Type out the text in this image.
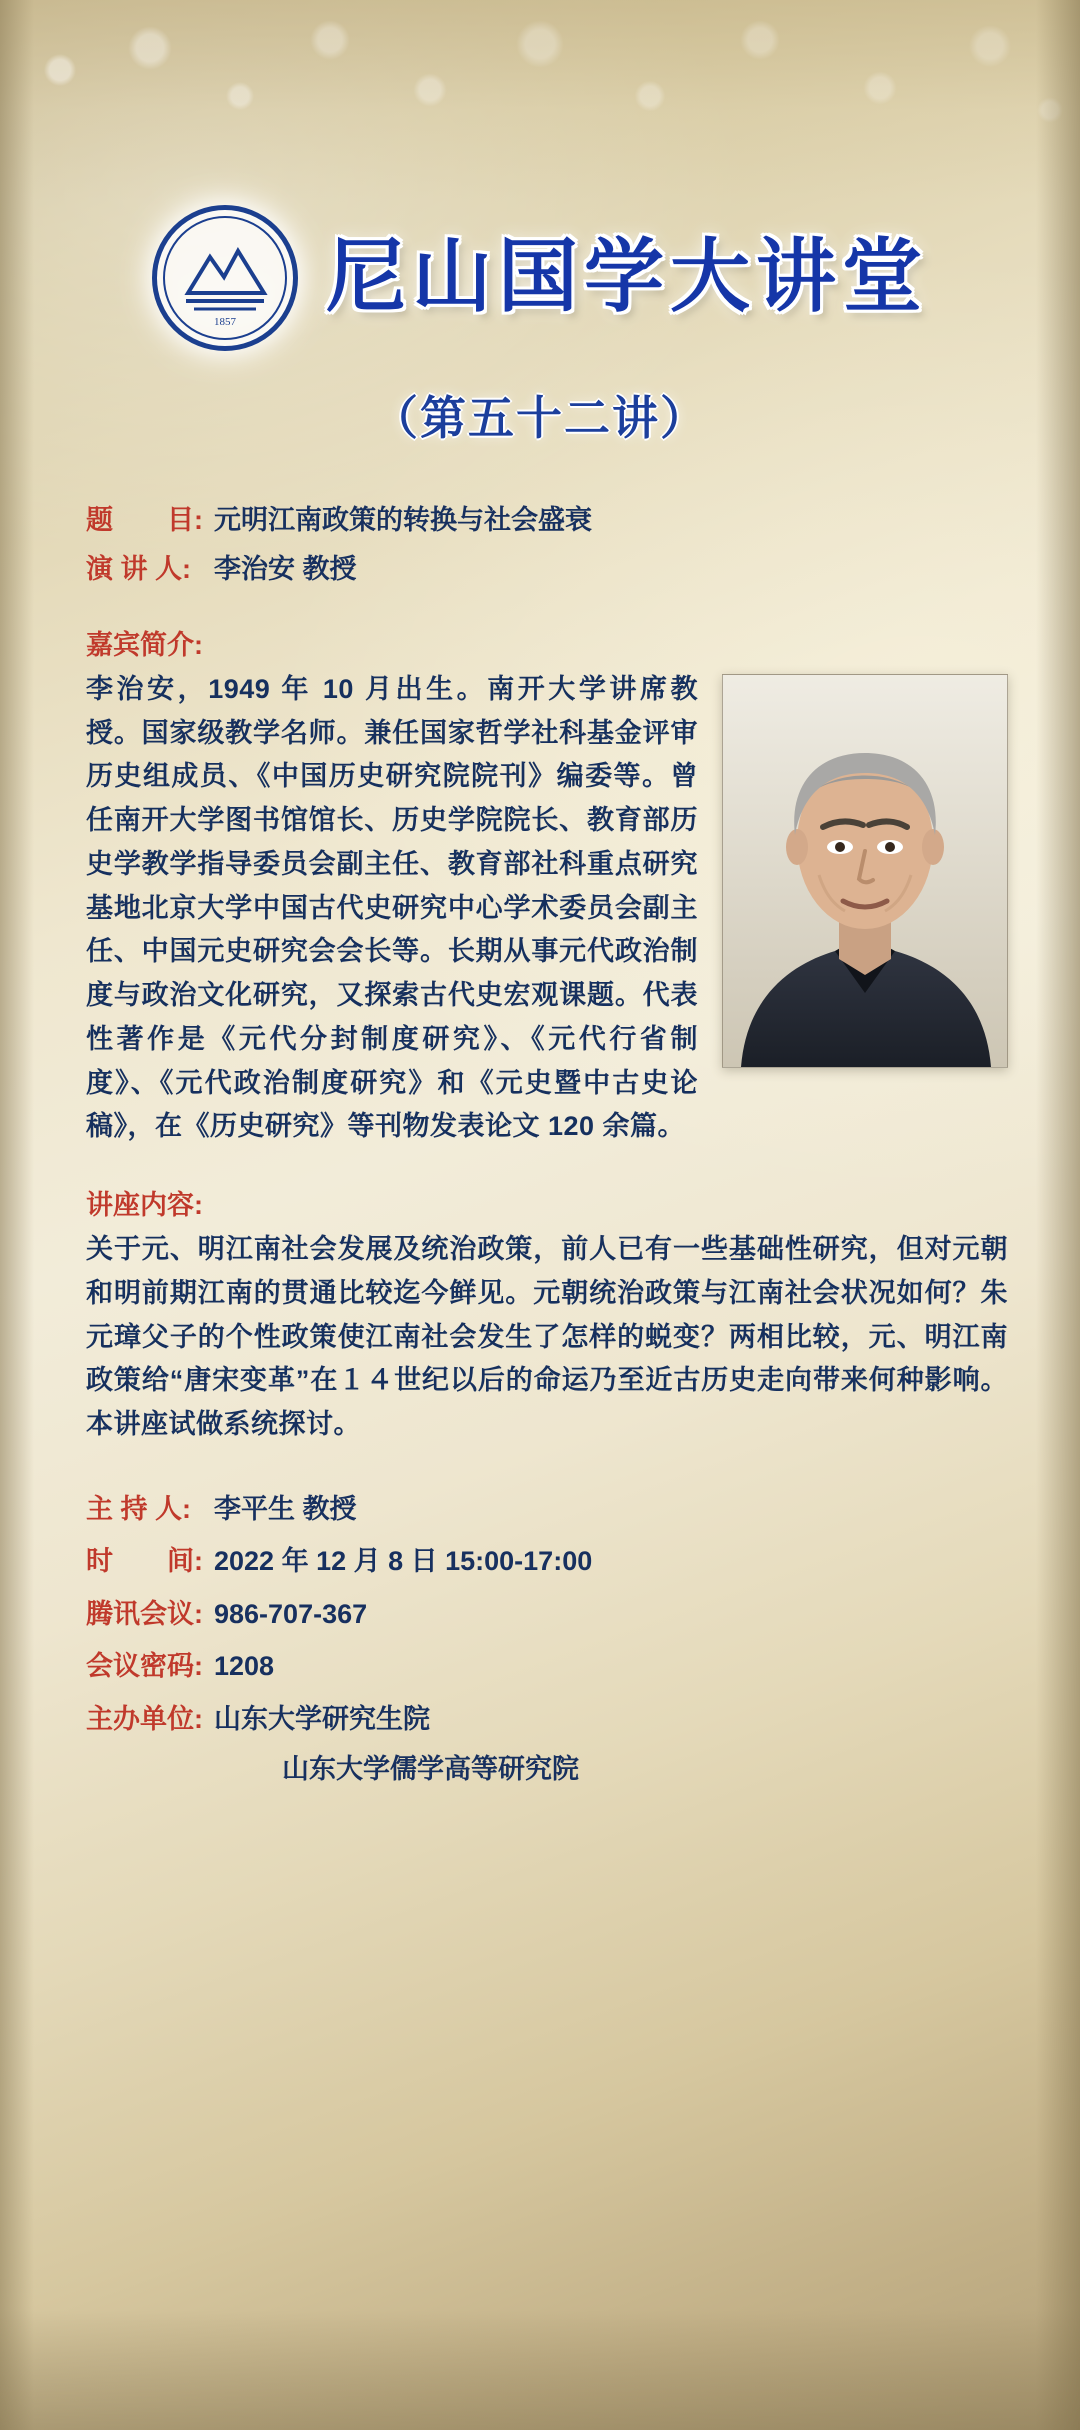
1857 尼山国学大讲堂
（第五十二讲）
题　　目: 元明江南政策的转换与社会盛衰
演 讲 人: 李治安 教授
嘉宾简介:
李治安，1949 年 10 月出生。南开大学讲席教授。国家级教学名师。兼任国家哲学社科基金评审历史组成员、《中国历史研究院院刊》编委等。曾任南开大学图书馆馆长、历史学院院长、教育部历史学教学指导委员会副主任、教育部社科重点研究基地北京大学中国古代史研究中心学术委员会副主任、中国元史研究会会长等。长期从事元代政治制度与政治文化研究，又探索古代史宏观课题。代表性著作是《元代分封制度研究》、《元代行省制度》、《元代政治制度研究》和《元史暨中古史论稿》，在《历史研究》等刊物发表论文 120 余篇。
讲座内容:
关于元、明江南社会发展及统治政策，前人已有一些基础性研究，但对元朝和明前期江南的贯通比较迄今鲜见。元朝统治政策与江南社会状况如何？朱元璋父子的个性政策使江南社会发生了怎样的蜕变？两相比较，元、明江南政策给“唐宋变革”在１４世纪以后的命运乃至近古历史走向带来何种影响。本讲座试做系统探讨。
主 持 人: 李平生 教授
时　　间: 2022 年 12 月 8 日 15:00-17:00
腾讯会议: 986-707-367
会议密码: 1208
主办单位: 山东大学研究生院
山东大学儒学高等研究院
